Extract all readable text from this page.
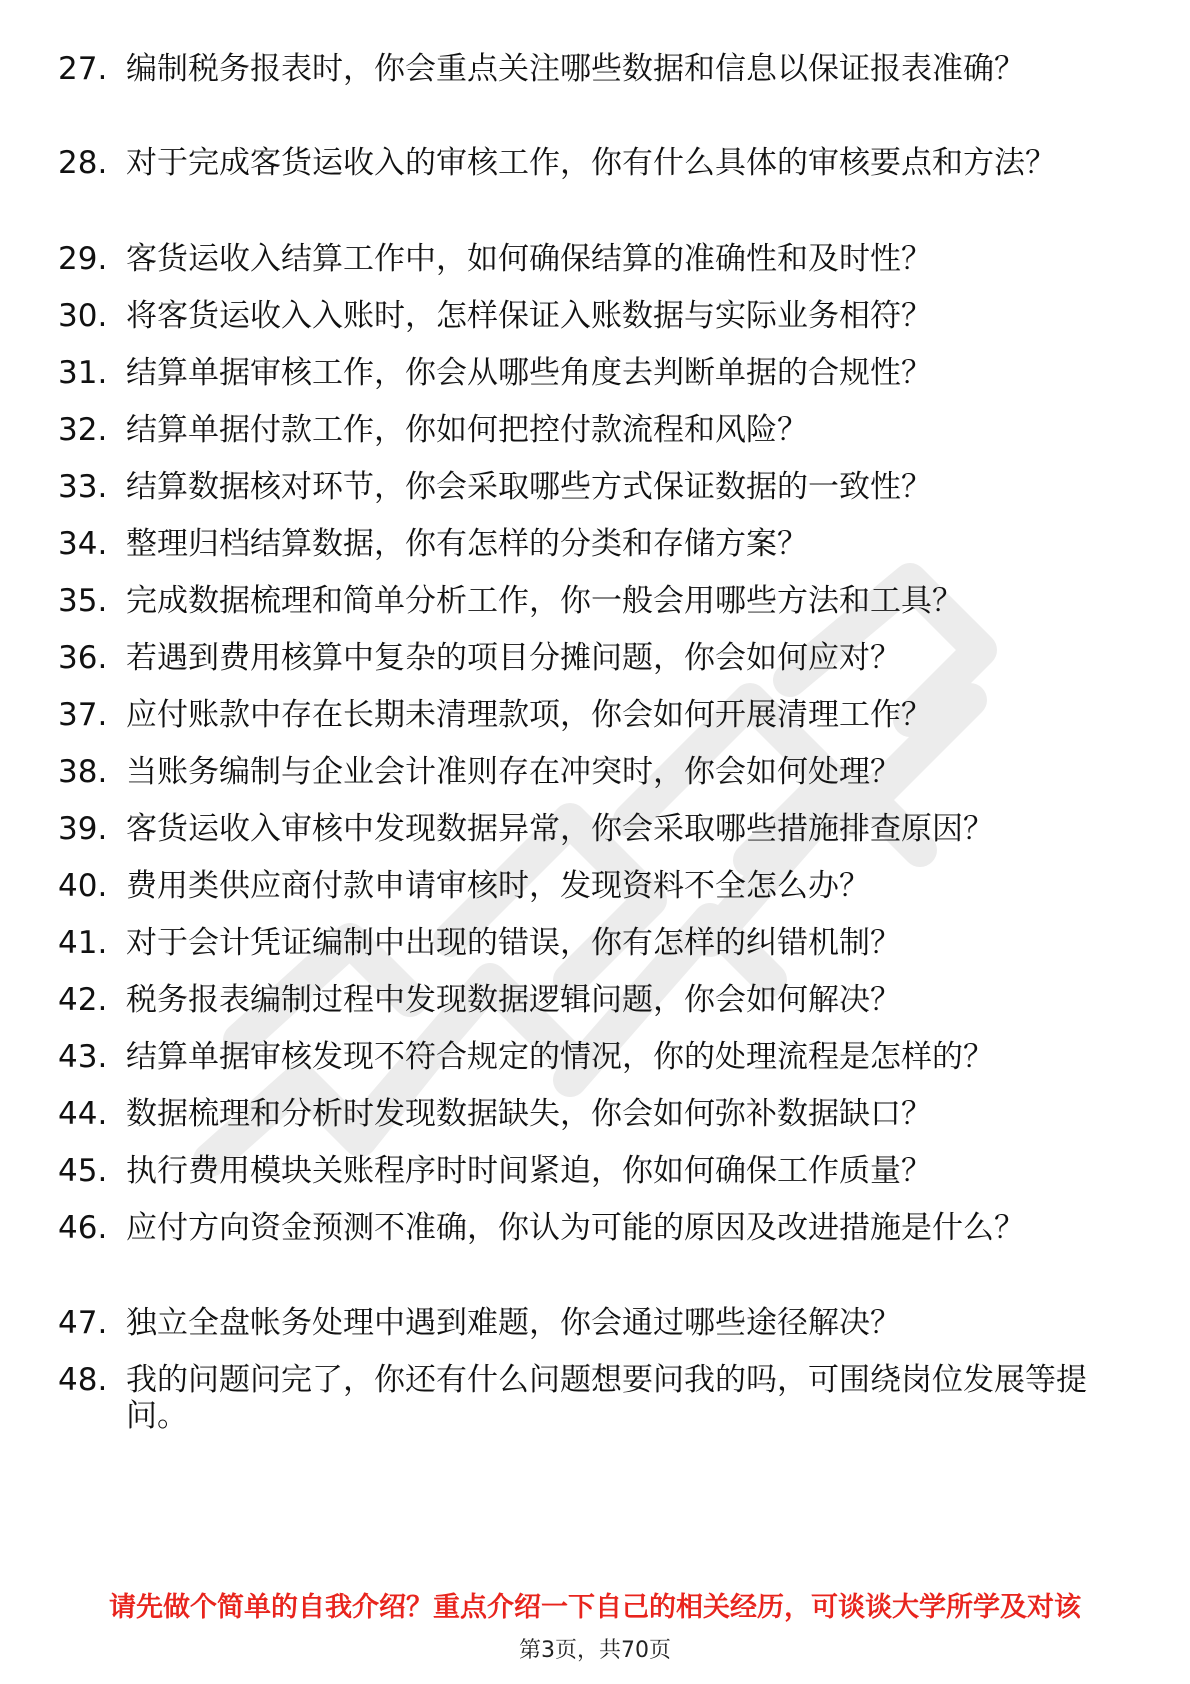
27. 编制税务报表时，你会重点关注哪些数据和信息以保证报表准确？
28. 对于完成客货运收入的审核工作，你有什么具体的审核要点和方法？
29. 客货运收入结算工作中，如何确保结算的准确性和及时性？
30. 将客货运收入入账时，怎样保证入账数据与实际业务相符？
31. 结算单据审核工作，你会从哪些角度去判断单据的合规性？
32. 结算单据付款工作，你如何把控付款流程和风险？
33. 结算数据核对环节，你会采取哪些方式保证数据的一致性？
34. 整理归档结算数据，你有怎样的分类和存储方案？
35. 完成数据梳理和简单分析工作，你一般会用哪些方法和工具？
36. 若遇到费用核算中复杂的项目分摊问题，你会如何应对？
37. 应付账款中存在长期未清理款项，你会如何开展清理工作？
38. 当账务编制与企业会计准则存在冲突时，你会如何处理？
39. 客货运收入审核中发现数据异常，你会采取哪些措施排查原因？
40. 费用类供应商付款申请审核时，发现资料不全怎么办？
41. 对于会计凭证编制中出现的错误，你有怎样的纠错机制？
42. 税务报表编制过程中发现数据逻辑问题，你会如何解决？
43. 结算单据审核发现不符合规定的情况，你的处理流程是怎样的？
44. 数据梳理和分析时发现数据缺失，你会如何弥补数据缺口？
45. 执行费用模块关账程序时时间紧迫，你如何确保工作质量？
46. 应付方向资金预测不准确，你认为可能的原因及改进措施是什么？
47. 独立全盘帐务处理中遇到难题，你会通过哪些途径解决？
48. 我的问题问完了，你还有什么问题想要问我的吗，可围绕岗位发展等提问。
请先做个简单的自我介绍？重点介绍一下自己的相关经历，可谈谈大学所学及对该
第3页，共70页
